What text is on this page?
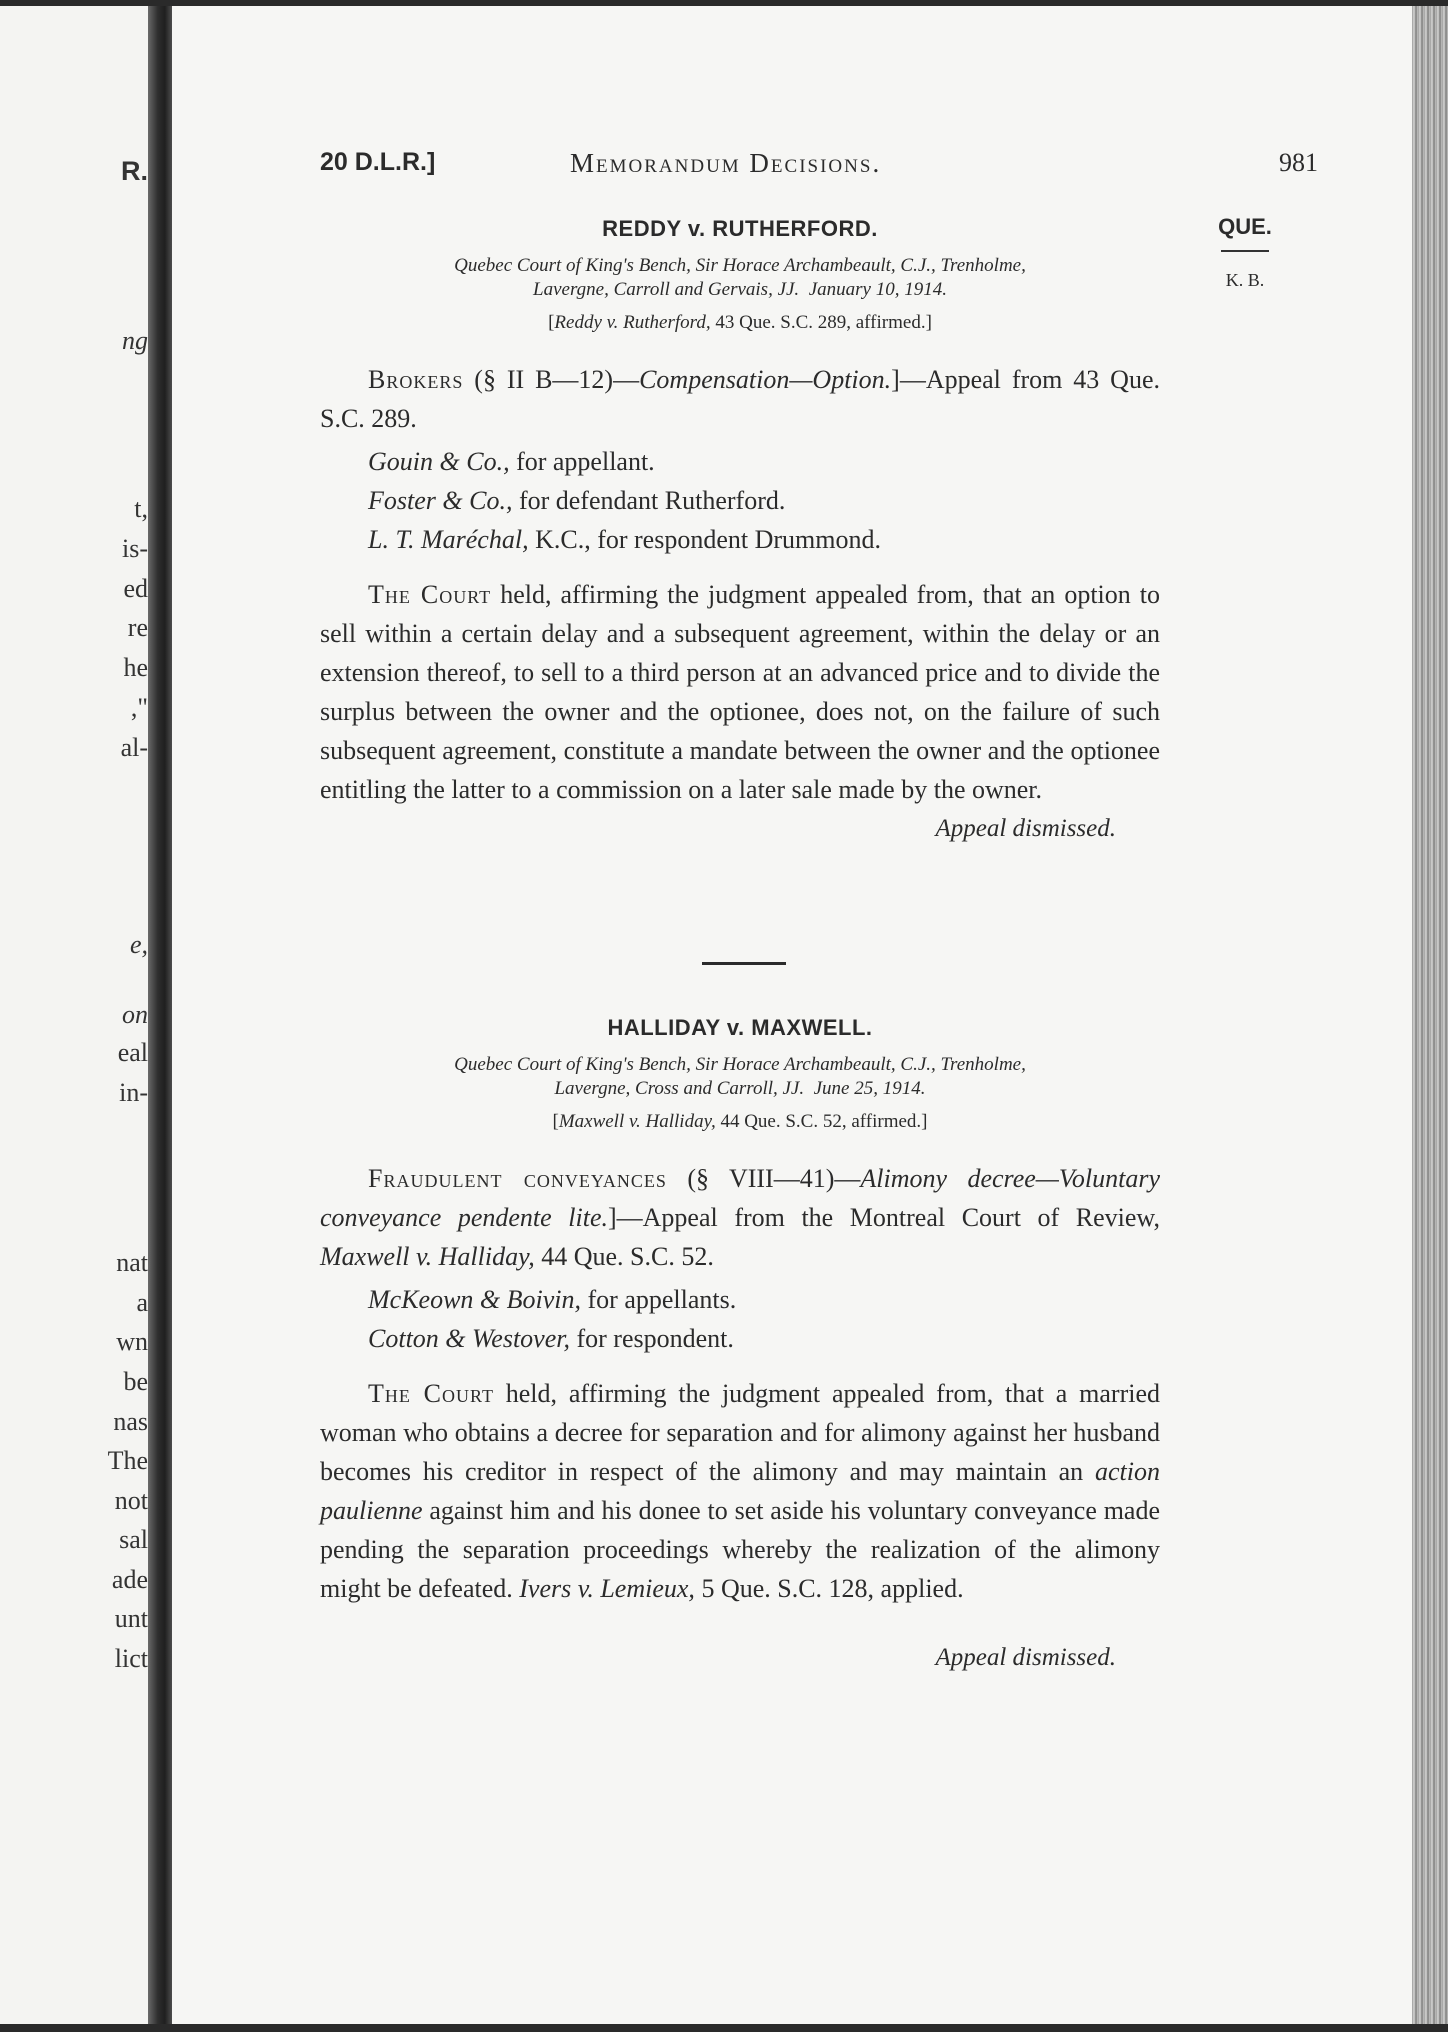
R.
ng
t,
is-
ed
re
he
,"
al-
e,
on
eal
in-
nat
a
wn
be
nas
The
not
sal
ade
unt
lict
20 D.L.R.]	Memorandum Decisions.	981
QUE.
K. B.
REDDY v. RUTHERFORD.

Quebec Court of King's Bench, Sir Horace Archambeault, C.J., Trenholme,
Lavergne, Carroll and Gervais, JJ. January 10, 1914.

[Reddy v. Rutherford, 43 Que. S.C. 289, affirmed.]

Brokers (§ II B—12)—Compensation—Option.]—Appeal from 43 Que. S.C. 289.

Gouin & Co., for appellant.

Foster & Co., for defendant Rutherford.

L. T. Maréchal, K.C., for respondent Drummond.

The Court held, affirming the judgment appealed from, that an option to sell within a certain delay and a subsequent agreement, within the delay or an extension thereof, to sell to a third person at an advanced price and to divide the surplus between the owner and the optionee, does not, on the failure of such subsequent agreement, constitute a mandate between the owner and the optionee entitling the latter to a commission on a later sale made by the owner.

Appeal dismissed.

HALLIDAY v. MAXWELL.

Quebec Court of King's Bench, Sir Horace Archambeault, C.J., Trenholme,
Lavergne, Cross and Carroll, JJ. June 25, 1914.

[Maxwell v. Halliday, 44 Que. S.C. 52, affirmed.]

Fraudulent conveyances (§ VIII—41)—Alimony decree—Voluntary conveyance pendente lite.]—Appeal from the Montreal Court of Review, Maxwell v. Halliday, 44 Que. S.C. 52.

McKeown & Boivin, for appellants.

Cotton & Westover, for respondent.

The Court held, affirming the judgment appealed from, that a married woman who obtains a decree for separation and for alimony against her husband becomes his creditor in respect of the alimony and may maintain an action paulienne against him and his donee to set aside his voluntary conveyance made pending the separation proceedings whereby the realization of the alimony might be defeated. Ivers v. Lemieux, 5 Que. S.C. 128, applied.

Appeal dismissed.
